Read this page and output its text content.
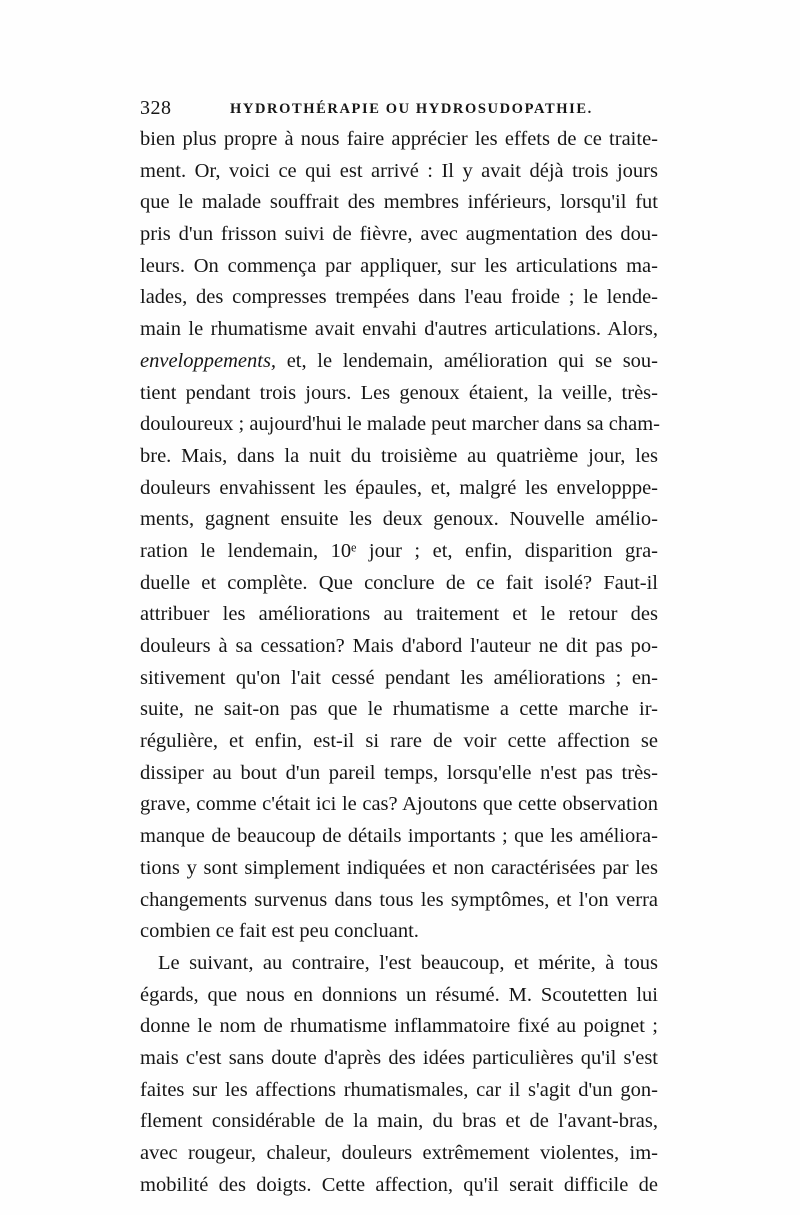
328	HYDROTHÉRAPIE OU HYDROSUDOPATHIE.
bien plus propre à nous faire apprécier les effets de ce traite-
ment. Or, voici ce qui est arrivé : Il y avait déjà trois jours
que le malade souffrait des membres inférieurs, lorsqu'il fut
pris d'un frisson suivi de fièvre, avec augmentation des dou-
leurs. On commença par appliquer, sur les articulations ma-
lades, des compresses trempées dans l'eau froide ; le lende-
main le rhumatisme avait envahi d'autres articulations. Alors,
enveloppements, et, le lendemain, amélioration qui se sou-
tient pendant trois jours. Les genoux étaient, la veille, très-
douloureux ; aujourd'hui le malade peut marcher dans sa cham-
bre. Mais, dans la nuit du troisième au quatrième jour, les
douleurs envahissent les épaules, et, malgré les envelopppe-
ments, gagnent ensuite les deux genoux. Nouvelle amélio-
ration le lendemain, 10ᵉ jour ; et, enfin, disparition gra-
duelle et complète. Que conclure de ce fait isolé? Faut-il
attribuer les améliorations au traitement et le retour des
douleurs à sa cessation? Mais d'abord l'auteur ne dit pas po-
sitivement qu'on l'ait cessé pendant les améliorations ; en-
suite, ne sait-on pas que le rhumatisme a cette marche ir-
régulière, et enfin, est-il si rare de voir cette affection se
dissiper au bout d'un pareil temps, lorsqu'elle n'est pas très-
grave, comme c'était ici le cas? Ajoutons que cette observation
manque de beaucoup de détails importants ; que les améliora-
tions y sont simplement indiquées et non caractérisées par les
changements survenus dans tous les symptômes, et l'on verra
combien ce fait est peu concluant.
Le suivant, au contraire, l'est beaucoup, et mérite, à tous
égards, que nous en donnions un résumé. M. Scoutetten lui
donne le nom de rhumatisme inflammatoire fixé au poignet ;
mais c'est sans doute d'après des idées particulières qu'il s'est
faites sur les affections rhumatismales, car il s'agit d'un gon-
flement considérable de la main, du bras et de l'avant-bras,
avec rougeur, chaleur, douleurs extrêmement violentes, im-
mobilité des doigts. Cette affection, qu'il serait difficile de
